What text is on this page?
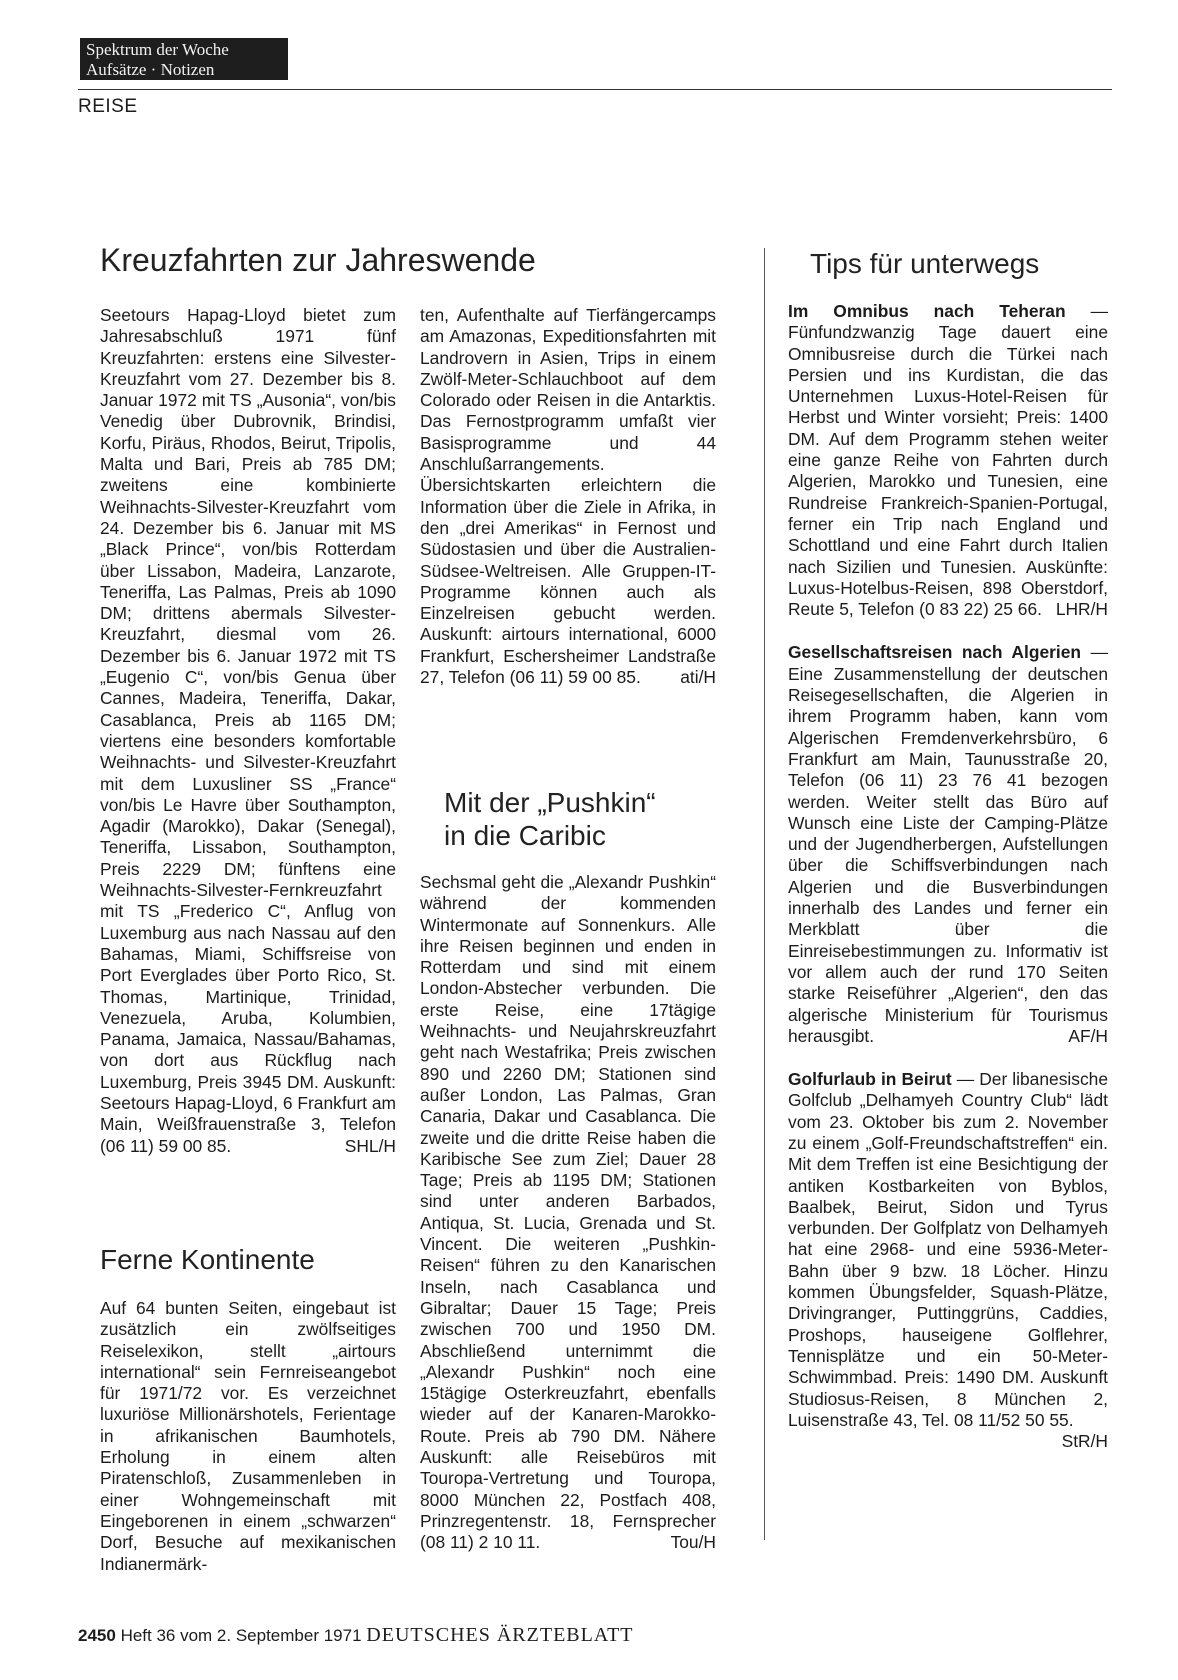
Spektrum der Woche
Aufsätze · Notizen
REISE
Kreuzfahrten zur Jahreswende

Seetours Hapag-Lloyd bietet zum Jahresabschluß 1971 fünf Kreuzfahrten: erstens eine Silvester-Kreuzfahrt vom 27. Dezember bis 8. Januar 1972 mit TS „Ausonia“, von/bis Venedig über Dubrovnik, Brindisi, Korfu, Piräus, Rhodos, Beirut, Tripolis, Malta und Bari, Preis ab 785 DM; zweitens eine kombinierte Weihnachts-Silvester-Kreuzfahrt vom 24. Dezember bis 6. Januar mit MS „Black Prince“, von/bis Rotterdam über Lissabon, Madeira, Lanzarote, Teneriffa, Las Palmas, Preis ab 1090 DM; drittens abermals Silvester-Kreuzfahrt, diesmal vom 26. Dezember bis 6. Januar 1972 mit TS „Eugenio C“, von/bis Genua über Cannes, Madeira, Teneriffa, Dakar, Casablanca, Preis ab 1165 DM; viertens eine besonders komfortable Weihnachts- und Silvester-Kreuzfahrt mit dem Luxusliner SS „France“ von/bis Le Havre über Southampton, Agadir (Marokko), Dakar (Senegal), Teneriffa, Lissabon, Southampton, Preis 2229 DM; fünftens eine Weihnachts-Silvester-Fernkreuzfahrt mit TS „Frederico C“, Anflug von Luxemburg aus nach Nassau auf den Bahamas, Miami, Schiffsreise von Port Everglades über Porto Rico, St. Thomas, Martinique, Trinidad, Venezuela, Aruba, Kolumbien, Panama, Jamaica, Nassau/Bahamas, von dort aus Rückflug nach Luxemburg, Preis 3945 DM. Auskunft: Seetours Hapag-Lloyd, 6 Frankfurt am Main, Weißfrauenstraße 3, Telefon (06 11) 59 00 85.	SHL/H

Ferne Kontinente

Auf 64 bunten Seiten, eingebaut ist zusätzlich ein zwölfseitiges Reiselexikon, stellt „airtours international“ sein Fernreiseangebot für 1971/72 vor. Es verzeichnet luxuriöse Millionärshotels, Ferientage in afrikanischen Baumhotels, Erholung in einem alten Piratenschloß, Zusammenleben in einer Wohngemeinschaft mit Eingeborenen in einem „schwarzen“ Dorf, Besuche auf mexikanischen Indianermärk-

ten, Aufenthalte auf Tierfängercamps am Amazonas, Expeditionsfahrten mit Landrovern in Asien, Trips in einem Zwölf-Meter-Schlauchboot auf dem Colorado oder Reisen in die Antarktis. Das Fernostprogramm umfaßt vier Basisprogramme und 44 Anschlußarrangements. Übersichtskarten erleichtern die Information über die Ziele in Afrika, in den „drei Amerikas“ in Fernost und Südostasien und über die Australien-Südsee-Weltreisen. Alle Gruppen-IT-Programme können auch als Einzelreisen gebucht werden. Auskunft: airtours international, 6000 Frankfurt, Eschersheimer Landstraße 27, Telefon (06 11) 59 00 85.	ati/H

Mit der „Pushkin“
in die Caribic

Sechsmal geht die „Alexandr Pushkin“ während der kommenden Wintermonate auf Sonnenkurs. Alle ihre Reisen beginnen und enden in Rotterdam und sind mit einem London-Abstecher verbunden. Die erste Reise, eine 17tägige Weihnachts- und Neujahrskreuzfahrt geht nach Westafrika; Preis zwischen 890 und 2260 DM; Stationen sind außer London, Las Palmas, Gran Canaria, Dakar und Casablanca. Die zweite und die dritte Reise haben die Karibische See zum Ziel; Dauer 28 Tage; Preis ab 1195 DM; Stationen sind unter anderen Barbados, Antiqua, St. Lucia, Grenada und St. Vincent. Die weiteren „Pushkin-Reisen“ führen zu den Kanarischen Inseln, nach Casablanca und Gibraltar; Dauer 15 Tage; Preis zwischen 700 und 1950 DM. Abschließend unternimmt die „Alexandr Pushkin“ noch eine 15tägige Osterkreuzfahrt, ebenfalls wieder auf der Kanaren-Marokko-Route. Preis ab 790 DM. Nähere Auskunft: alle Reisebüros mit Touropa-Vertretung und Touropa, 8000 München 22, Postfach 408, Prinzregentenstr. 18, Fernsprecher (08 11) 2 10 11.	Tou/H

Tips für unterwegs

Im Omnibus nach Teheran — Fünfundzwanzig Tage dauert eine Omnibusreise durch die Türkei nach Persien und ins Kurdistan, die das Unternehmen Luxus-Hotel-Reisen für Herbst und Winter vorsieht; Preis: 1400 DM. Auf dem Programm stehen weiter eine ganze Reihe von Fahrten durch Algerien, Marokko und Tunesien, eine Rundreise Frankreich-Spanien-Portugal, ferner ein Trip nach England und Schottland und eine Fahrt durch Italien nach Sizilien und Tunesien. Auskünfte: Luxus-Hotelbus-Reisen, 898 Oberstdorf, Reute 5, Telefon (0 83 22) 25 66. LHR/H

Gesellschaftsreisen nach Algerien — Eine Zusammenstellung der deutschen Reisegesellschaften, die Algerien in ihrem Programm haben, kann vom Algerischen Fremdenverkehrsbüro, 6 Frankfurt am Main, Taunusstraße 20, Telefon (06 11) 23 76 41 bezogen werden. Weiter stellt das Büro auf Wunsch eine Liste der Camping-Plätze und der Jugendherbergen, Aufstellungen über die Schiffsverbindungen nach Algerien und die Busverbindungen innerhalb des Landes und ferner ein Merkblatt über die Einreisebestimmungen zu. Informativ ist vor allem auch der rund 170 Seiten starke Reiseführer „Algerien“, den das algerische Ministerium für Tourismus herausgibt.	AF/H

Golfurlaub in Beirut — Der libanesische Golfclub „Delhamyeh Country Club“ lädt vom 23. Oktober bis zum 2. November zu einem „Golf-Freundschaftstreffen“ ein. Mit dem Treffen ist eine Besichtigung der antiken Kostbarkeiten von Byblos, Baalbek, Beirut, Sidon und Tyrus verbunden. Der Golfplatz von Delhamyeh hat eine 2968- und eine 5936-Meter-Bahn über 9 bzw. 18 Löcher. Hinzu kommen Übungsfelder, Squash-Plätze, Drivingranger, Puttinggrüns, Caddies, Proshops, hauseigene Golflehrer, Tennisplätze und ein 50-Meter-Schwimmbad. Preis: 1490 DM. Auskunft Studiosus-Reisen, 8 München 2, Luisenstraße 43, Tel. 08 11/52 50 55.
StR/H

2450 Heft 36 vom 2. September 1971 DEUTSCHES ÄRZTEBLATT
